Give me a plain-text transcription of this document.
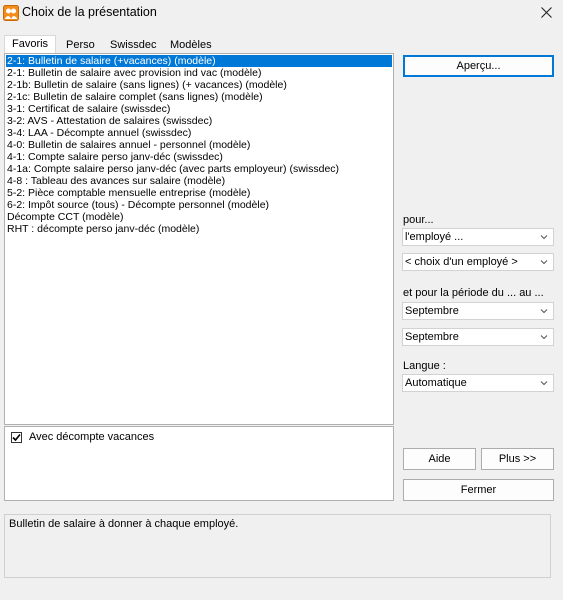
Choix de la présentation
Favoris	Perso	Swissdec	Modèles
2-1: Bulletin de salaire (+vacances) (modèle)
2-1: Bulletin de salaire avec provision ind vac (modèle)
2-1b: Bulletin de salaire (sans lignes) (+ vacances) (modèle)
2-1c: Bulletin de salaire complet (sans lignes) (modèle)
3-1: Certificat de salaire (swissdec)
3-2: AVS - Attestation de salaires (swissdec)
3-4: LAA - Décompte annuel (swissdec)
4-0: Bulletin de salaires annuel - personnel (modèle)
4-1: Compte salaire perso janv-déc (swissdec)
4-1a: Compte salaire perso janv-déc (avec parts employeur) (swissdec)
4-8 : Tableau des avances sur salaire (modèle)
5-2: Pièce comptable mensuelle entreprise (modèle)
6-2: Impôt source (tous) - Décompte personnel (modèle)
Décompte CCT (modèle)
RHT : décompte perso janv-déc (modèle)
Avec décompte vacances
Aperçu...
pour...
l'employé ...
< choix d'un employé >
et pour la période du ... au ...
Septembre
Septembre
Langue :
Automatique
Aide	Plus >>
Fermer
Bulletin de salaire à donner à chaque employé.
